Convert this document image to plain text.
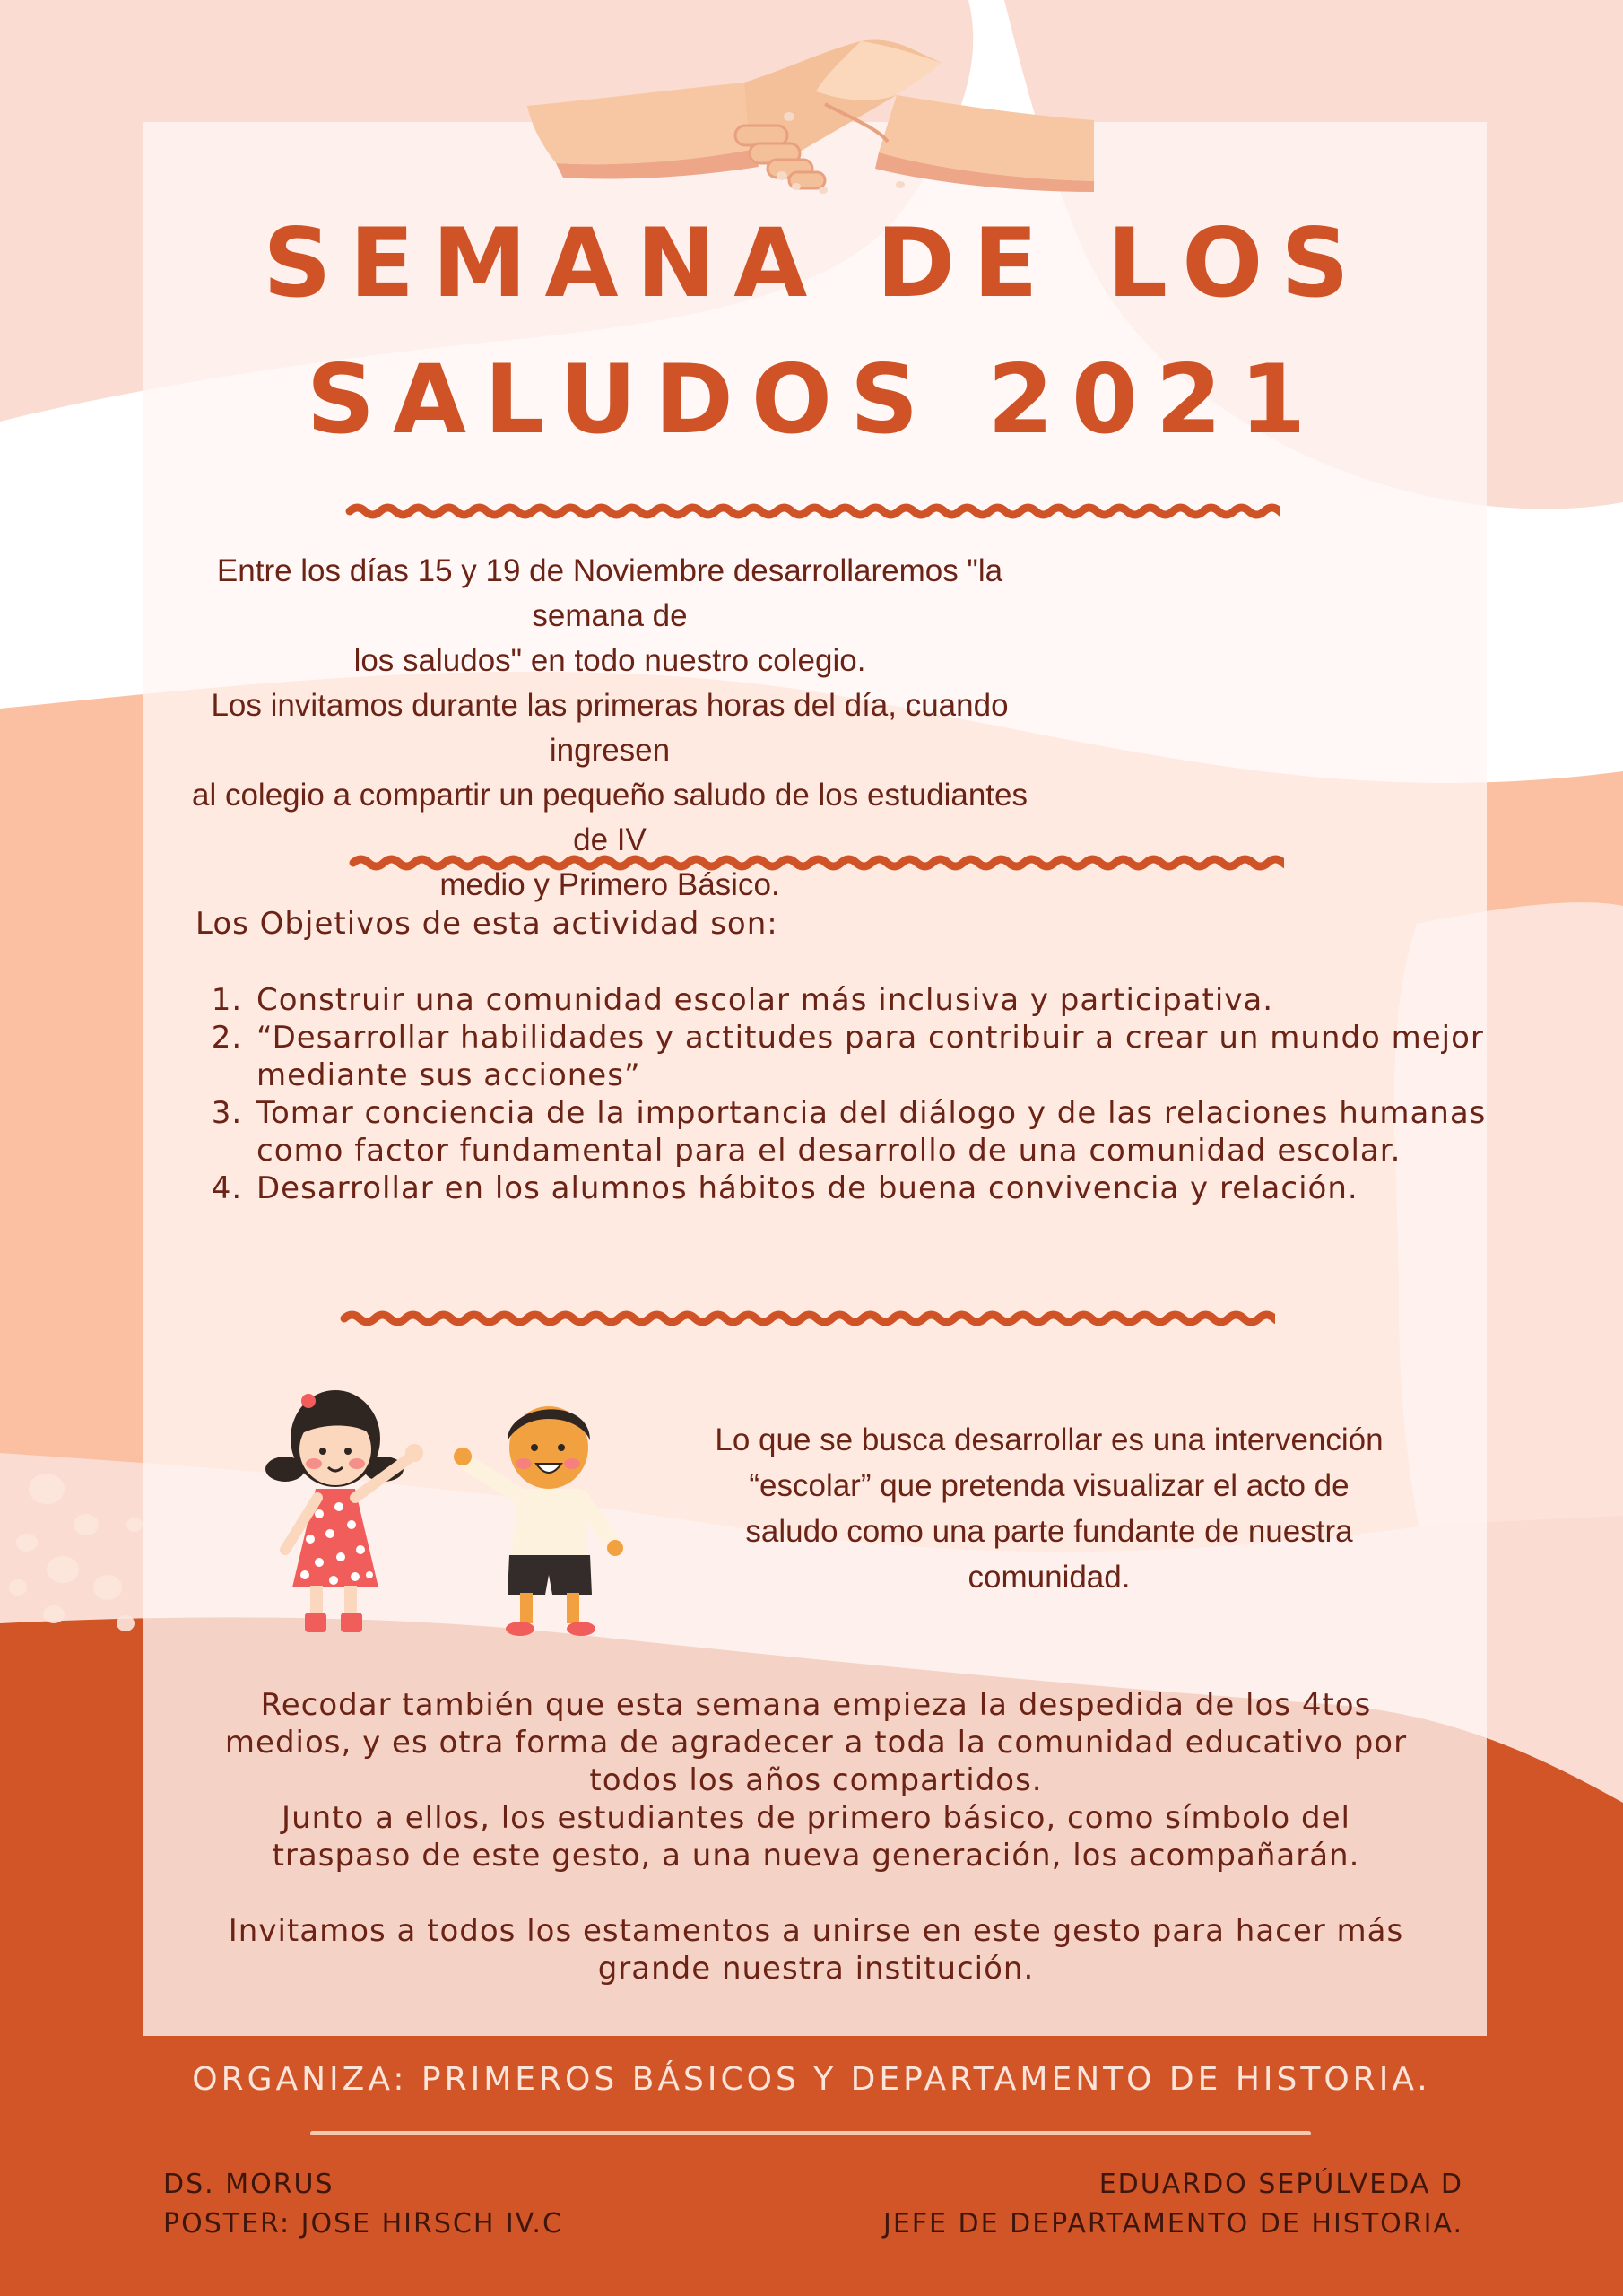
SEMANA DE LOS
SALUDOS 2021
Entre los días 15 y 19 de Noviembre desarrollaremos "la semana de
los saludos" en todo nuestro colegio.
Los invitamos durante las primeras horas del día, cuando ingresen
al colegio a compartir un pequeño saludo de los estudiantes de IV
medio y Primero Básico.
Los Objetivos de esta actividad son:
1. Construir una comunidad escolar más inclusiva y participativa.
2. “Desarrollar habilidades y actitudes para contribuir a crear un mundo mejor mediante sus acciones”
3. Tomar conciencia de la importancia del diálogo y de las relaciones humanas como factor fundamental para el desarrollo de una comunidad escolar.
4. Desarrollar en los alumnos hábitos de buena convivencia y relación.
Lo que se busca desarrollar es una intervención
“escolar” que pretenda visualizar el acto de
saludo como una parte fundante de nuestra
comunidad.

Recodar también que esta semana empieza la despedida de los 4tos

medios, y es otra forma de agradecer a toda la comunidad educativo por

todos los años compartidos.

Junto a ellos, los estudiantes de primero básico, como símbolo del

traspaso de este gesto, a una nueva generación, los acompañarán.

Invitamos a todos los estamentos a unirse en este gesto para hacer más

grande nuestra institución.

ORGANIZA: PRIMEROS BÁSICOS Y DEPARTAMENTO DE HISTORIA.
DS. MORUS
POSTER: JOSE HIRSCH IV.C
EDUARDO SEPÚLVEDA D
JEFE DE DEPARTAMENTO DE HISTORIA.
